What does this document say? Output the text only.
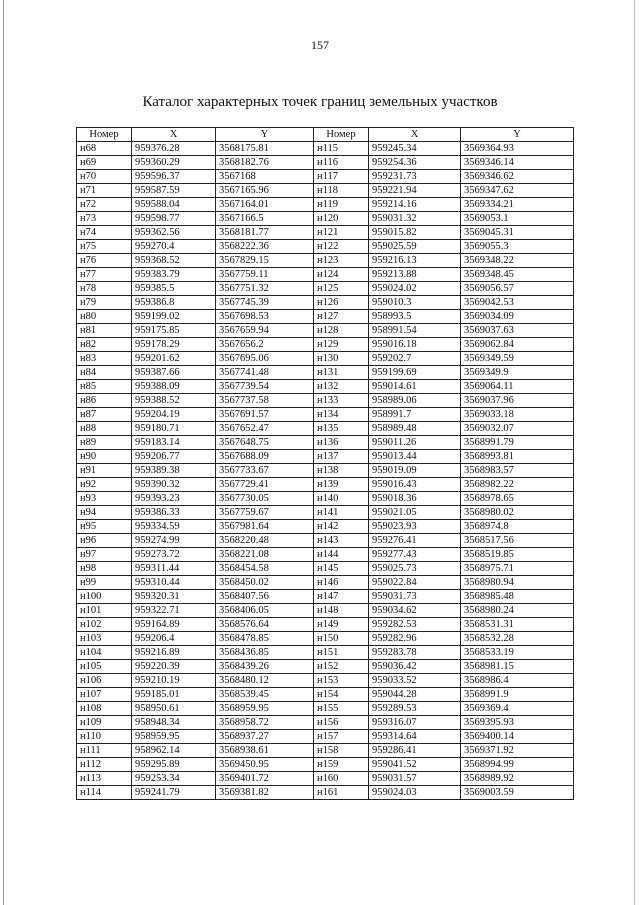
157
Каталог характерных точек границ земельных участков
Номер	X	Y	Номер	X	Y
н68	959376.28	3568175.81	н115	959245.34	3569364.93
н69	959360.29	3568182.76	н116	959254.36	3569346.14
н70	959596.37	3567168	н117	959231.73	3569346.62
н71	959587.59	3567165.96	н118	959221.94	3569347.62
н72	959588.04	3567164.01	н119	959214.16	3569334.21
н73	959598.77	3567166.5	н120	959031.32	3569053.1
н74	959362.56	3568181.77	н121	959015.82	3569045.31
н75	959270.4	3568222.36	н122	959025.59	3569055.3
н76	959368.52	3567829.15	н123	959216.13	3569348.22
н77	959383.79	3567759.11	н124	959213.88	3569348.45
н78	959385.5	3567751.32	н125	959024.02	3569056.57
н79	959386.8	3567745.39	н126	959010.3	3569042.53
н80	959199.02	3567698.53	н127	958993.5	3569034.09
н81	959175.85	3567659.94	н128	958991.54	3569037.63
н82	959178.29	3567656.2	н129	959016.18	3569062.84
н83	959201.62	3567695.06	н130	959202.7	3569349.59
н84	959387.66	3567741.48	н131	959199.69	3569349.9
н85	959388.09	3567739.54	н132	959014.61	3569064.11
н86	959388.52	3567737.58	н133	958989.06	3569037.96
н87	959204.19	3567691.57	н134	958991.7	3569033.18
н88	959180.71	3567652.47	н135	958989.48	3569032.07
н89	959183.14	3567648.75	н136	959011.26	3568991.79
н90	959206.77	3567688.09	н137	959013.44	3568993.81
н91	959389.38	3567733.67	н138	959019.09	3568983.57
н92	959390.32	3567729.41	н139	959016.43	3568982.22
н93	959393.23	3567730.05	н140	959018.36	3568978.65
н94	959386.33	3567759.67	н141	959021.05	3568980.02
н95	959334.59	3567981.64	н142	959023.93	3568974.8
н96	959274.99	3568220.48	н143	959276.41	3568517.56
н97	959273.72	3568221.08	н144	959277.43	3568519.85
н98	959311.44	3568454.58	н145	959025.73	3568975.71
н99	959310.44	3568450.02	н146	959022.84	3568980.94
н100	959320.31	3568407.56	н147	959031.73	3568985.48
н101	959322.71	3568406.05	н148	959034.62	3568980.24
н102	959164.89	3568576.64	н149	959282.53	3568531.31
н103	959206.4	3568478.85	н150	959282.96	3568532.28
н104	959216.89	3568436.85	н151	959283.78	3568533.19
н105	959220.39	3568439.26	н152	959036.42	3568981.15
н106	959210.19	3568480.12	н153	959033.52	3568986.4
н107	959185.01	3568539.45	н154	959044.28	3568991.9
н108	958950.61	3568959.95	н155	959289.53	3569369.4
н109	958948.34	3568958.72	н156	959316.07	3569395.93
н110	958959.95	3568937.27	н157	959314.64	3569400.14
н111	958962.14	3568938.61	н158	959286.41	3569371.92
н112	959295.89	3569450.95	н159	959041.52	3568994.99
н113	959253.34	3569401.72	н160	959031.57	3568989.92
н114	959241.79	3569381.82	н161	959024.03	3569003.59
